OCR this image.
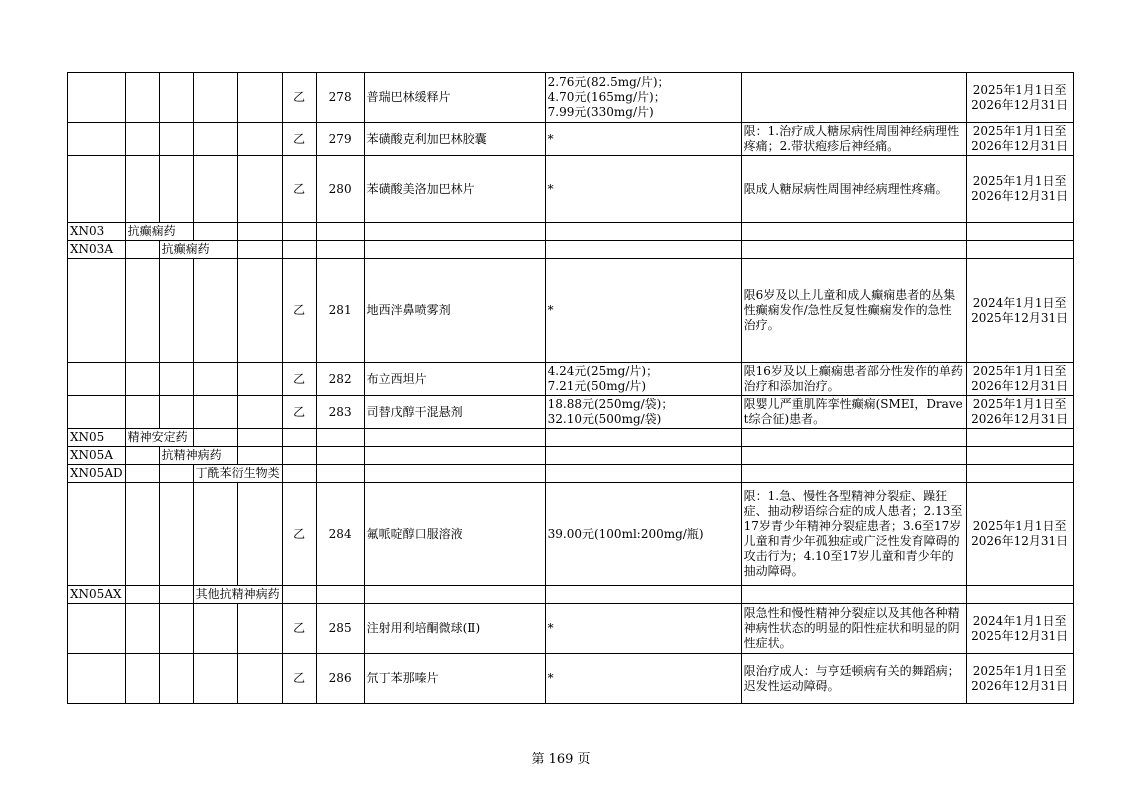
					乙	278	普瑞巴林缓释片	2.76元(82.5mg/片)；
4.70元(165mg/片)；
7.99元(330mg/片)		2025年1月1日至
2026年12月31日

					乙	279	苯磺酸克利加巴林胶囊	*	限：1.治疗成人糖尿病性周围神经病理性疼痛；2.带状疱疹后神经痛。	2025年1月1日至
2026年12月31日

					乙	280	苯磺酸美洛加巴林片	*	限成人糖尿病性周围神经病理性疼痛。	2025年1月1日至
2026年12月31日

XN03	抗癫痫药									
XN03A		抗癫痫药								
					乙	281	地西泮鼻喷雾剂	*	限6岁及以上儿童和成人癫痫患者的丛集性癫痫发作/急性反复性癫痫发作的急性治疗。	2024年1月1日至
2025年12月31日

					乙	282	布立西坦片	4.24元(25mg/片)；
7.21元(50mg/片)	限16岁及以上癫痫患者部分性发作的单药治疗和添加治疗。	2025年1月1日至
2026年12月31日

					乙	283	司替戊醇干混悬剂	18.88元(250mg/袋)；
32.10元(500mg/袋)	限婴儿严重肌阵挛性癫痫(SMEI，Dravet综合征)患者。	2025年1月1日至
2026年12月31日

XN05	精神安定药									
XN05A		抗精神病药								
XN05AD			丁酰苯衍生物类							
					乙	284	氟哌啶醇口服溶液	39.00元(100ml:200mg/瓶)	限：1.急、慢性各型精神分裂症、躁狂症、抽动秽语综合症的成人患者；2.13至17岁青少年精神分裂症患者；3.6至17岁儿童和青少年孤独症或广泛性发育障碍的攻击行为；4.10至17岁儿童和青少年的抽动障碍。	2025年1月1日至
2026年12月31日

XN05AX			其他抗精神病药							
					乙	285	注射用利培酮微球(Ⅱ)	*	限急性和慢性精神分裂症以及其他各种精神病性状态的明显的阳性症状和明显的阴性症状。	2024年1月1日至
2025年12月31日

					乙	286	氘丁苯那嗪片	*	限治疗成人：与亨廷顿病有关的舞蹈病；迟发性运动障碍。	2025年1月1日至
2026年12月31日
第 169 页
